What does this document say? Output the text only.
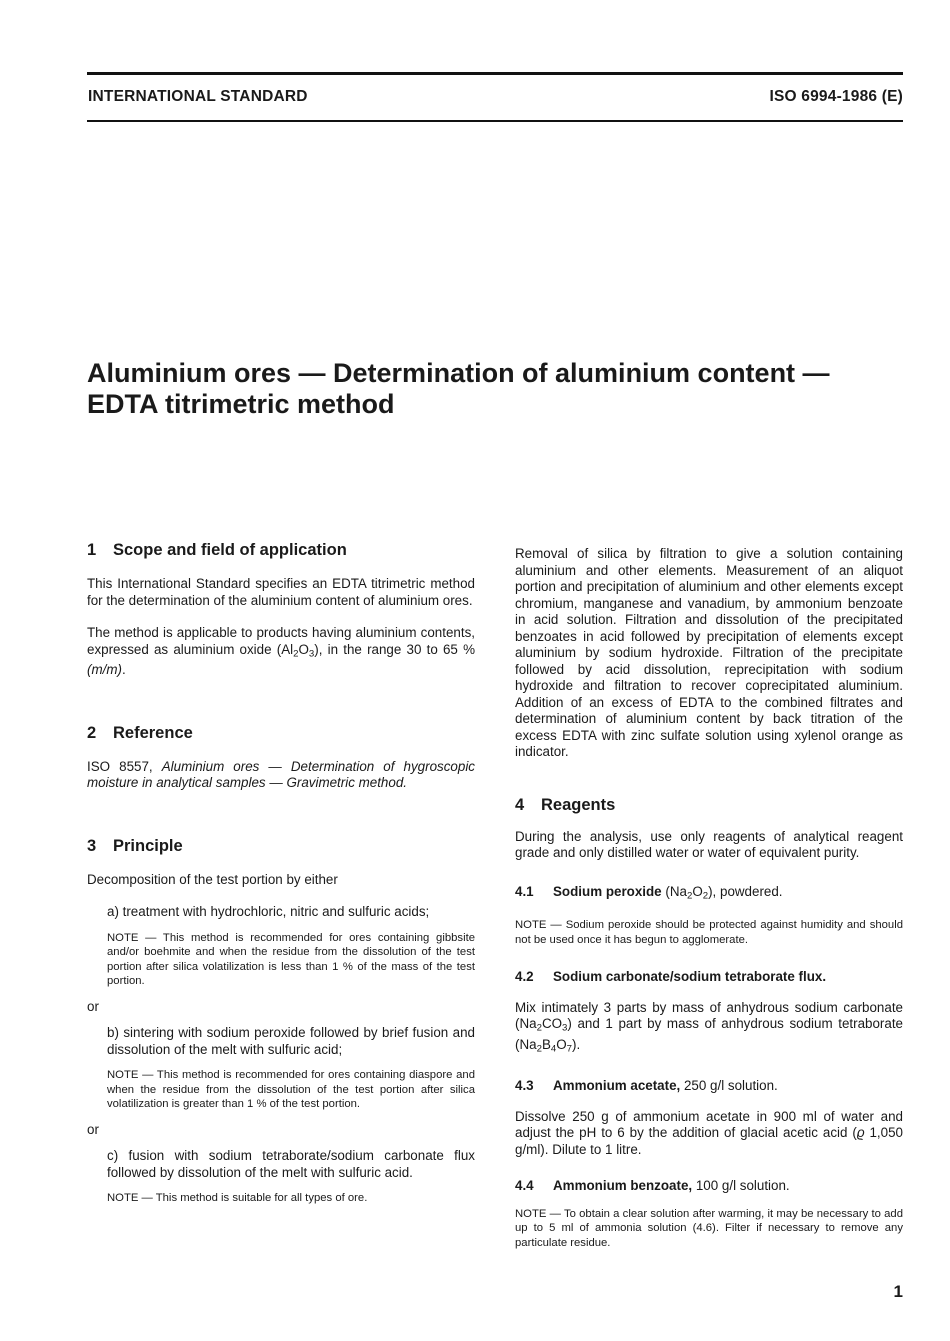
INTERNATIONAL STANDARD	ISO 6994-1986 (E)
Aluminium ores — Determination of aluminium content —
EDTA titrimetric method
1 Scope and field of application

This International Standard specifies an EDTA titrimetric method for the determination of the aluminium content of aluminium ores.

The method is applicable to products having aluminium contents, expressed as aluminium oxide $(Al_2O_3)$, in the range 30 to 65 % (m/m).

2 Reference

ISO 8557, Aluminium ores — Determination of hygroscopic moisture in analytical samples — Gravimetric method.

3 Principle

Decomposition of the test portion by either

a) treatment with hydrochloric, nitric and sulfuric acids;

NOTE — This method is recommended for ores containing gibbsite and/or boehmite and when the residue from the dissolution of the test portion after silica volatilization is less than 1 % of the mass of the test portion.

or

b) sintering with sodium peroxide followed by brief fusion and dissolution of the melt with sulfuric acid;

NOTE — This method is recommended for ores containing diaspore and when the residue from the dissolution of the test portion after silica volatilization is greater than 1 % of the test portion.

or

c) fusion with sodium tetraborate/sodium carbonate flux followed by dissolution of the melt with sulfuric acid.

NOTE — This method is suitable for all types of ore.

Removal of silica by filtration to give a solution containing aluminium and other elements. Measurement of an aliquot portion and precipitation of aluminium and other elements except chromium, manganese and vanadium, by ammonium benzoate in acid solution. Filtration and dissolution of the precipitated benzoates in acid followed by precipitation of elements except aluminium by sodium hydroxide. Filtration of the precipitate followed by acid dissolution, reprecipitation with sodium hydroxide and filtration to recover coprecipitated aluminium. Addition of an excess of EDTA to the combined filtrates and determination of aluminium content by back titration of the excess EDTA with zinc sulfate solution using xylenol orange as indicator.

4 Reagents

During the analysis, use only reagents of analytical reagent grade and only distilled water or water of equivalent purity.

4.1 Sodium peroxide $(Na_2O_2)$, powdered.

NOTE — Sodium peroxide should be protected against humidity and should not be used once it has begun to agglomerate.

4.2 Sodium carbonate/sodium tetraborate flux.

Mix intimately 3 parts by mass of anhydrous sodium carbonate $(Na_2CO_3)$ and 1 part by mass of anhydrous sodium tetraborate $(Na_2B_4O_7)$.

4.3 Ammonium acetate, 250 g/l solution.

Dissolve 250 g of ammonium acetate in 900 ml of water and adjust the pH to 6 by the addition of glacial acetic acid (ϱ 1,050 g/ml). Dilute to 1 litre.

4.4 Ammonium benzoate, 100 g/l solution.

NOTE — To obtain a clear solution after warming, it may be necessary to add up to 5 ml of ammonia solution (4.6). Filter if necessary to remove any particulate residue.

1
